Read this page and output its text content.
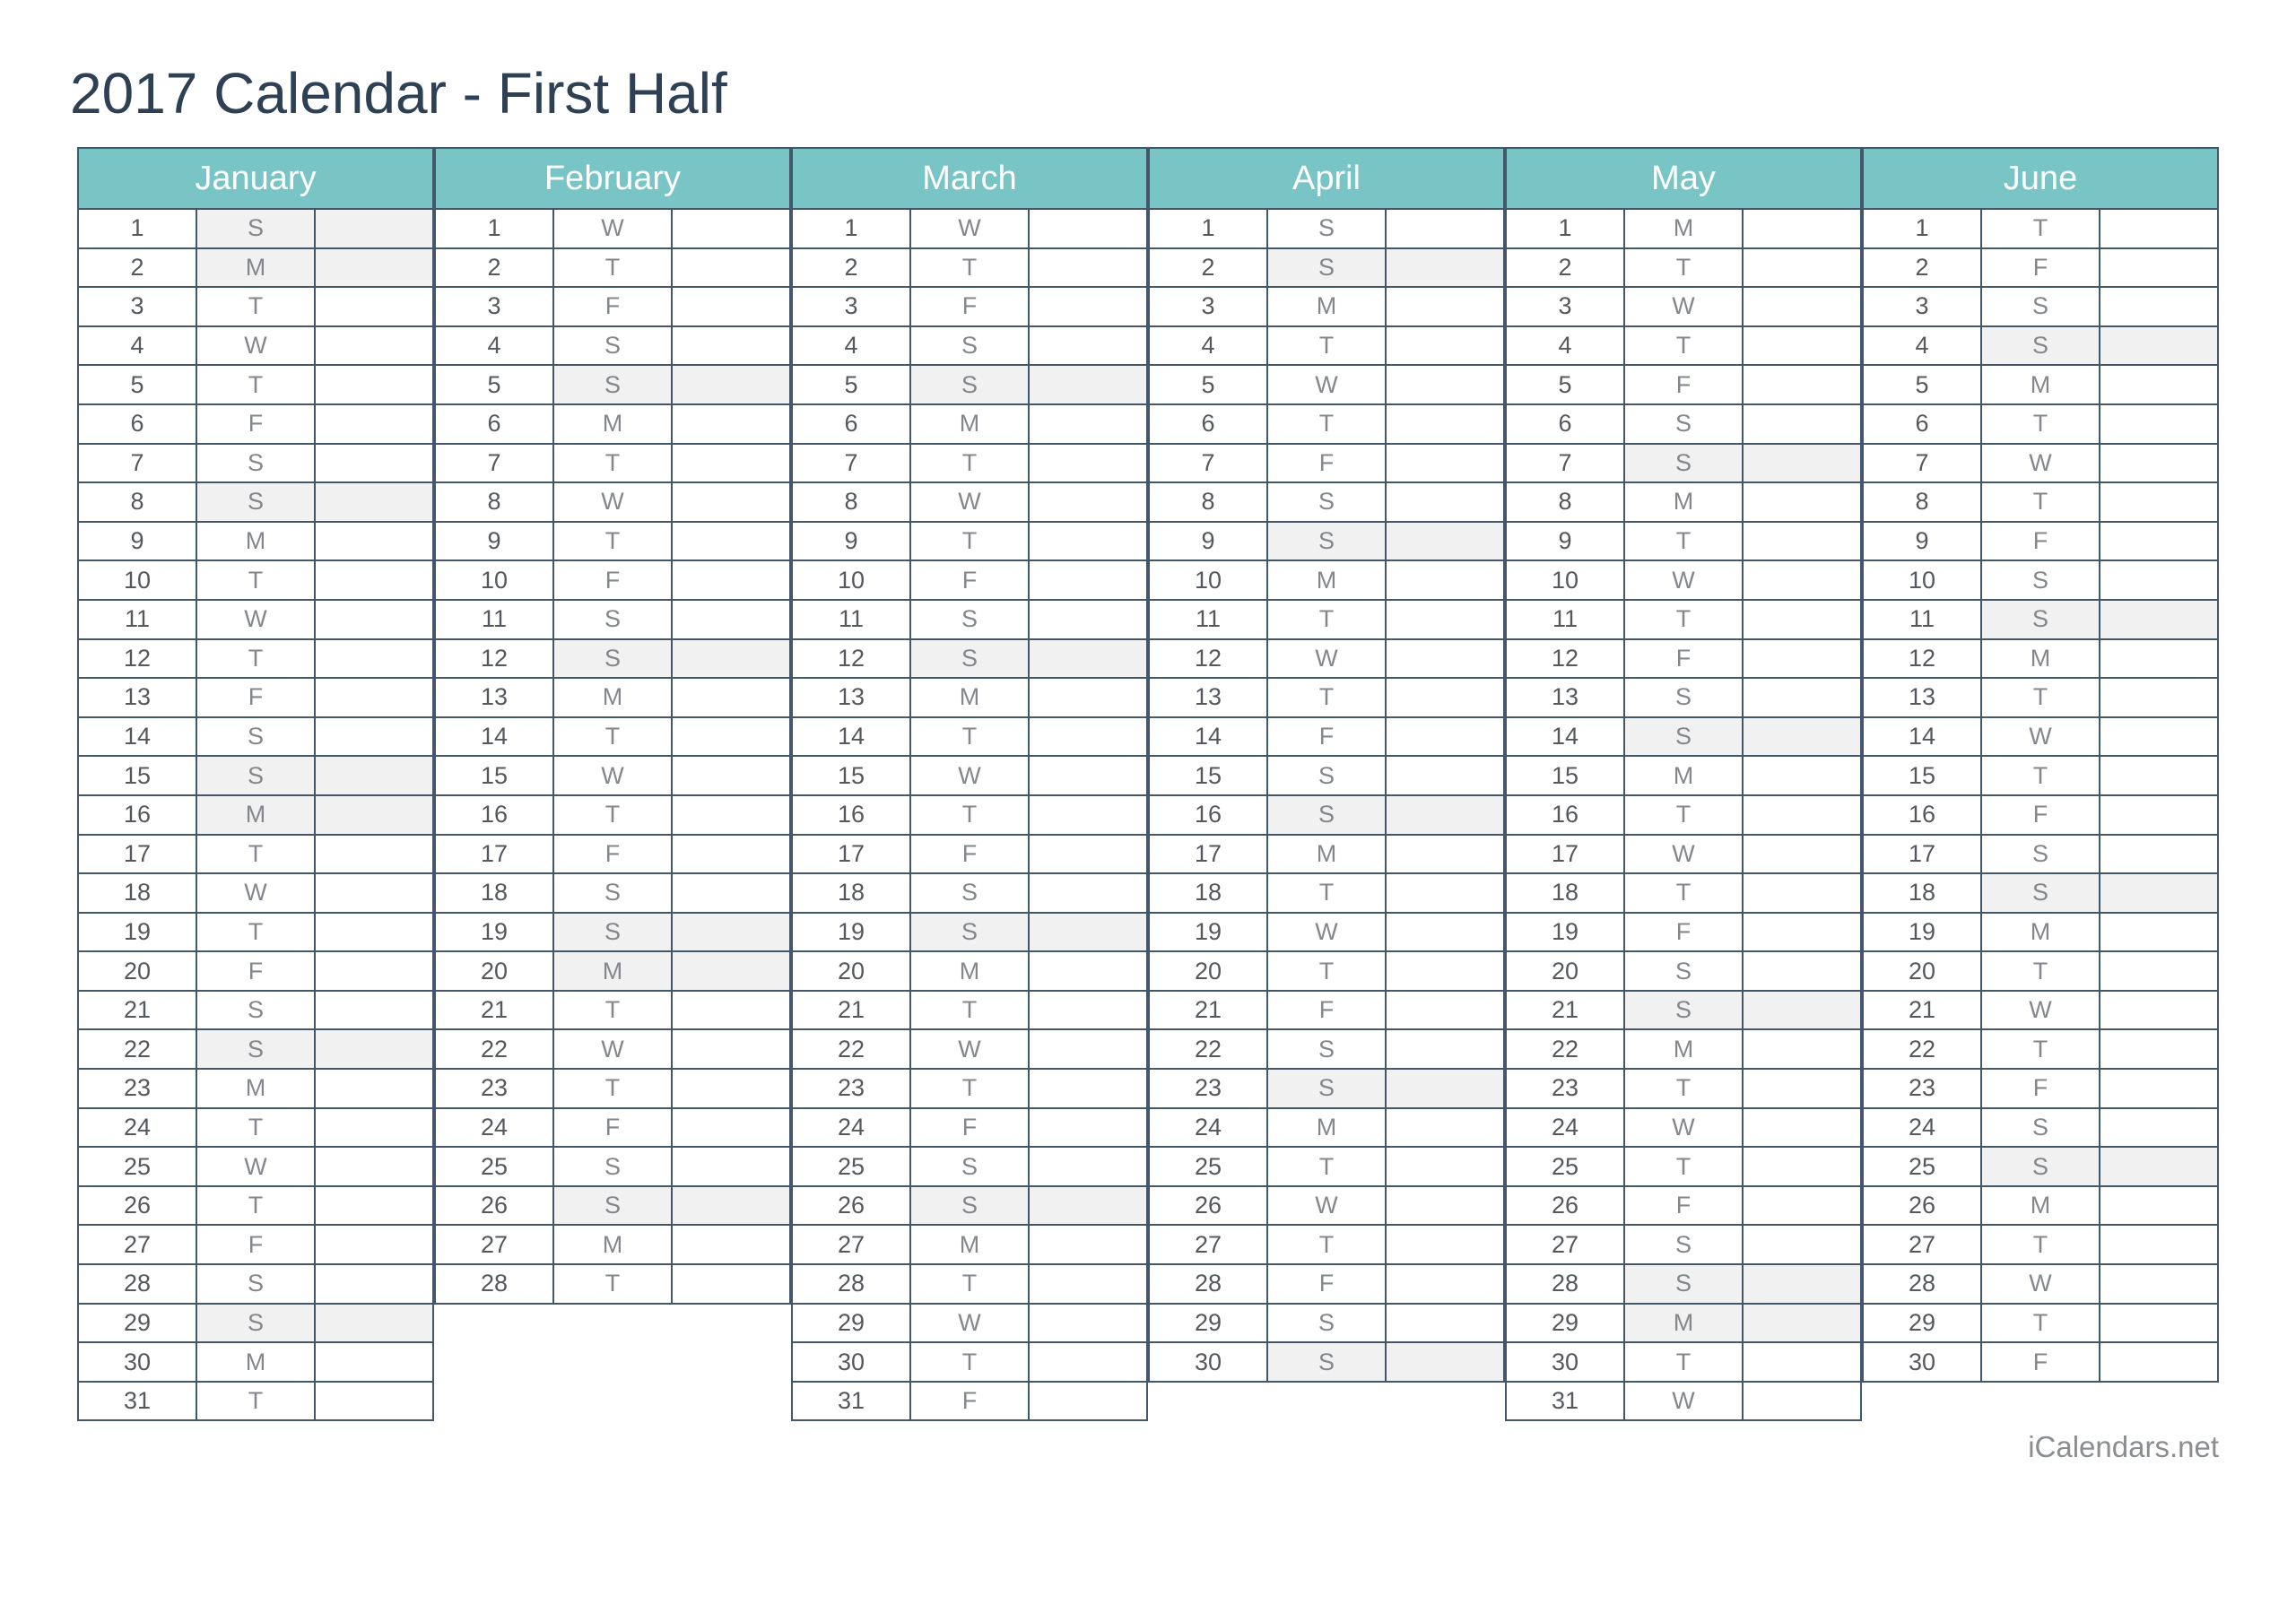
2017 Calendar - First Half
January		
1	S	
2	M	
3	T	
4	W	
5	T	
6	F	
7	S	
8	S	
9	M	
10	T	
11	W	
12	T	
13	F	
14	S	
15	S	
16	M	
17	T	
18	W	
19	T	
20	F	
21	S	
22	S	
23	M	
24	T	
25	W	
26	T	
27	F	
28	S	
29	S	
30	M	
31	T	
February		
1	W	
2	T	
3	F	
4	S	
5	S	
6	M	
7	T	
8	W	
9	T	
10	F	
11	S	
12	S	
13	M	
14	T	
15	W	
16	T	
17	F	
18	S	
19	S	
20	M	
21	T	
22	W	
23	T	
24	F	
25	S	
26	S	
27	M	
28	T	
March		
1	W	
2	T	
3	F	
4	S	
5	S	
6	M	
7	T	
8	W	
9	T	
10	F	
11	S	
12	S	
13	M	
14	T	
15	W	
16	T	
17	F	
18	S	
19	S	
20	M	
21	T	
22	W	
23	T	
24	F	
25	S	
26	S	
27	M	
28	T	
29	W	
30	T	
31	F	
April		
1	S	
2	S	
3	M	
4	T	
5	W	
6	T	
7	F	
8	S	
9	S	
10	M	
11	T	
12	W	
13	T	
14	F	
15	S	
16	S	
17	M	
18	T	
19	W	
20	T	
21	F	
22	S	
23	S	
24	M	
25	T	
26	W	
27	T	
28	F	
29	S	
30	S	
May		
1	M	
2	T	
3	W	
4	T	
5	F	
6	S	
7	S	
8	M	
9	T	
10	W	
11	T	
12	F	
13	S	
14	S	
15	M	
16	T	
17	W	
18	T	
19	F	
20	S	
21	S	
22	M	
23	T	
24	W	
25	T	
26	F	
27	S	
28	S	
29	M	
30	T	
31	W	
June		
1	T	
2	F	
3	S	
4	S	
5	M	
6	T	
7	W	
8	T	
9	F	
10	S	
11	S	
12	M	
13	T	
14	W	
15	T	
16	F	
17	S	
18	S	
19	M	
20	T	
21	W	
22	T	
23	F	
24	S	
25	S	
26	M	
27	T	
28	W	
29	T	
30	F	
iCalendars.net
